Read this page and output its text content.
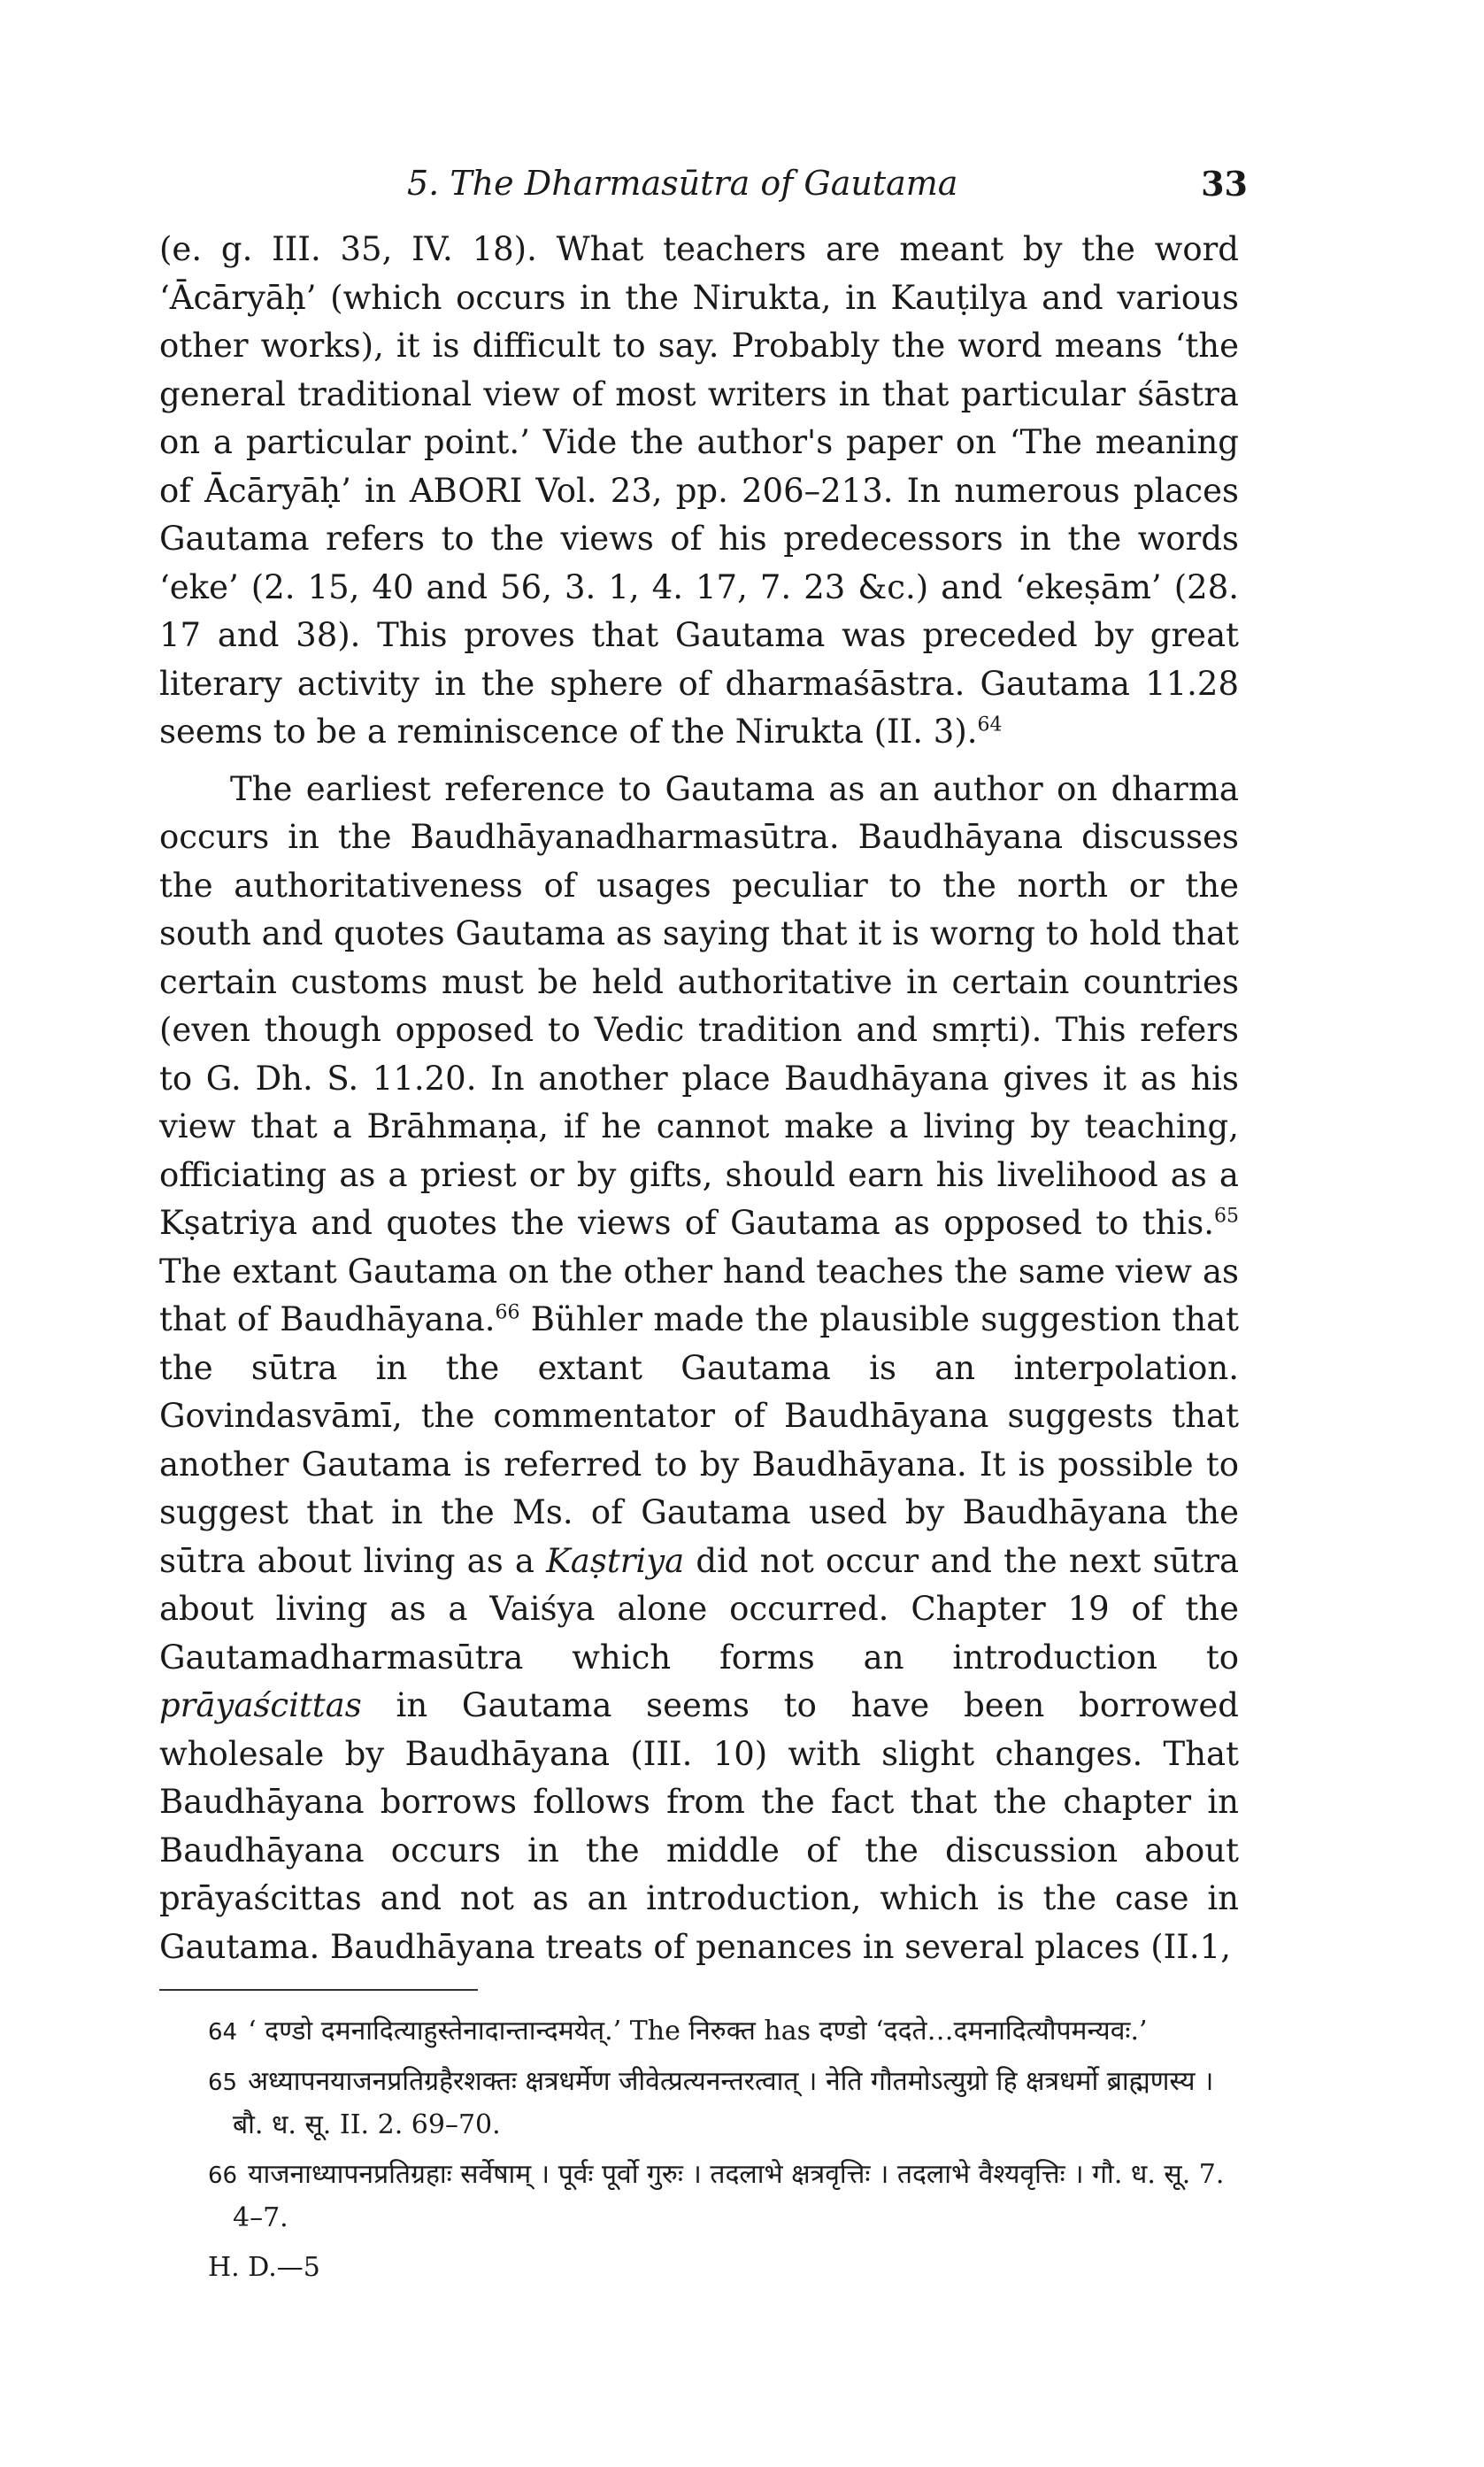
5. The Dharmasūtra of Gautama	33

(e. g. III. 35, IV. 18). What teachers are meant by the word ‘Ācāryāḥ’ (which occurs in the Nirukta, in Kauṭilya and various other works), it is difficult to say. Probably the word means ‘the general traditional view of most writers in that particular śāstra on a particular point.’ Vide the author's paper on ‘The meaning of Ācāryāḥ’ in ABORI Vol. 23, pp. 206–213. In numerous places Gautama refers to the views of his predecessors in the words ‘eke’ (2. 15, 40 and 56, 3. 1, 4. 17, 7. 23 &c.) and ‘ekeṣām’ (28. 17 and 38). This proves that Gautama was preceded by great literary activity in the sphere of dharmaśāstra. Gautama 11.28 seems to be a reminiscence of the Nirukta (II. 3).$^{64}$

The earliest reference to Gautama as an author on dharma occurs in the Baudhāyanadharmasūtra. Baudhāyana discusses the authoritativeness of usages peculiar to the north or the south and quotes Gautama as saying that it is worng to hold that certain customs must be held authoritative in certain countries (even though opposed to Vedic tradition and smṛti). This refers to G. Dh. S. 11.20. In another place Baudhāyana gives it as his view that a Brāhmaṇa, if he cannot make a living by teaching, officiating as a priest or by gifts, should earn his livelihood as a Kṣatriya and quotes the views of Gautama as opposed to this.$^{65}$ The extant Gautama on the other hand teaches the same view as that of Baudhāyana.$^{66}$ Bühler made the plausible suggestion that the sūtra in the extant Gautama is an interpolation. Govindasvāmī, the commentator of Baudhāyana suggests that another Gautama is referred to by Baudhāyana. It is possible to suggest that in the Ms. of Gautama used by Baudhāyana the sūtra about living as a Kaṣtriya did not occur and the next sūtra about living as a Vaiśya alone occurred. Chapter 19 of the Gautamadharmasūtra which forms an introduction to prāyaścittas in Gautama seems to have been borrowed wholesale by Baudhāyana (III. 10) with slight changes. That Baudhāyana borrows follows from the fact that the chapter in Baudhāyana occurs in the middle of the discussion about prāyaścittas and not as an introduction, which is the case in Gautama. Baudhāyana treats of penances in several places (II.1,

64 ‘ दण्डो दमनादित्याहुस्तेनादान्तान्दमयेत्.’ The निरुक्त has दण्डो ‘ददते…दमनादित्यौपमन्यवः.’

65 अध्यापनयाजनप्रतिग्रहैरशक्तः क्षत्रधर्मेण जीवेत्प्रत्यनन्तरत्वात् । नेति गौतमोऽत्युग्रो हि क्षत्रधर्मो ब्राह्मणस्य । बौ. ध. सू. II. 2. 69–70.

66 याजनाध्यापनप्रतिग्रहाः सर्वेषाम् । पूर्वः पूर्वो गुरुः । तदलाभे क्षत्रवृत्तिः । तदलाभे वैश्यवृत्तिः । गौ. ध. सू. 7. 4–7.

H. D.—5
